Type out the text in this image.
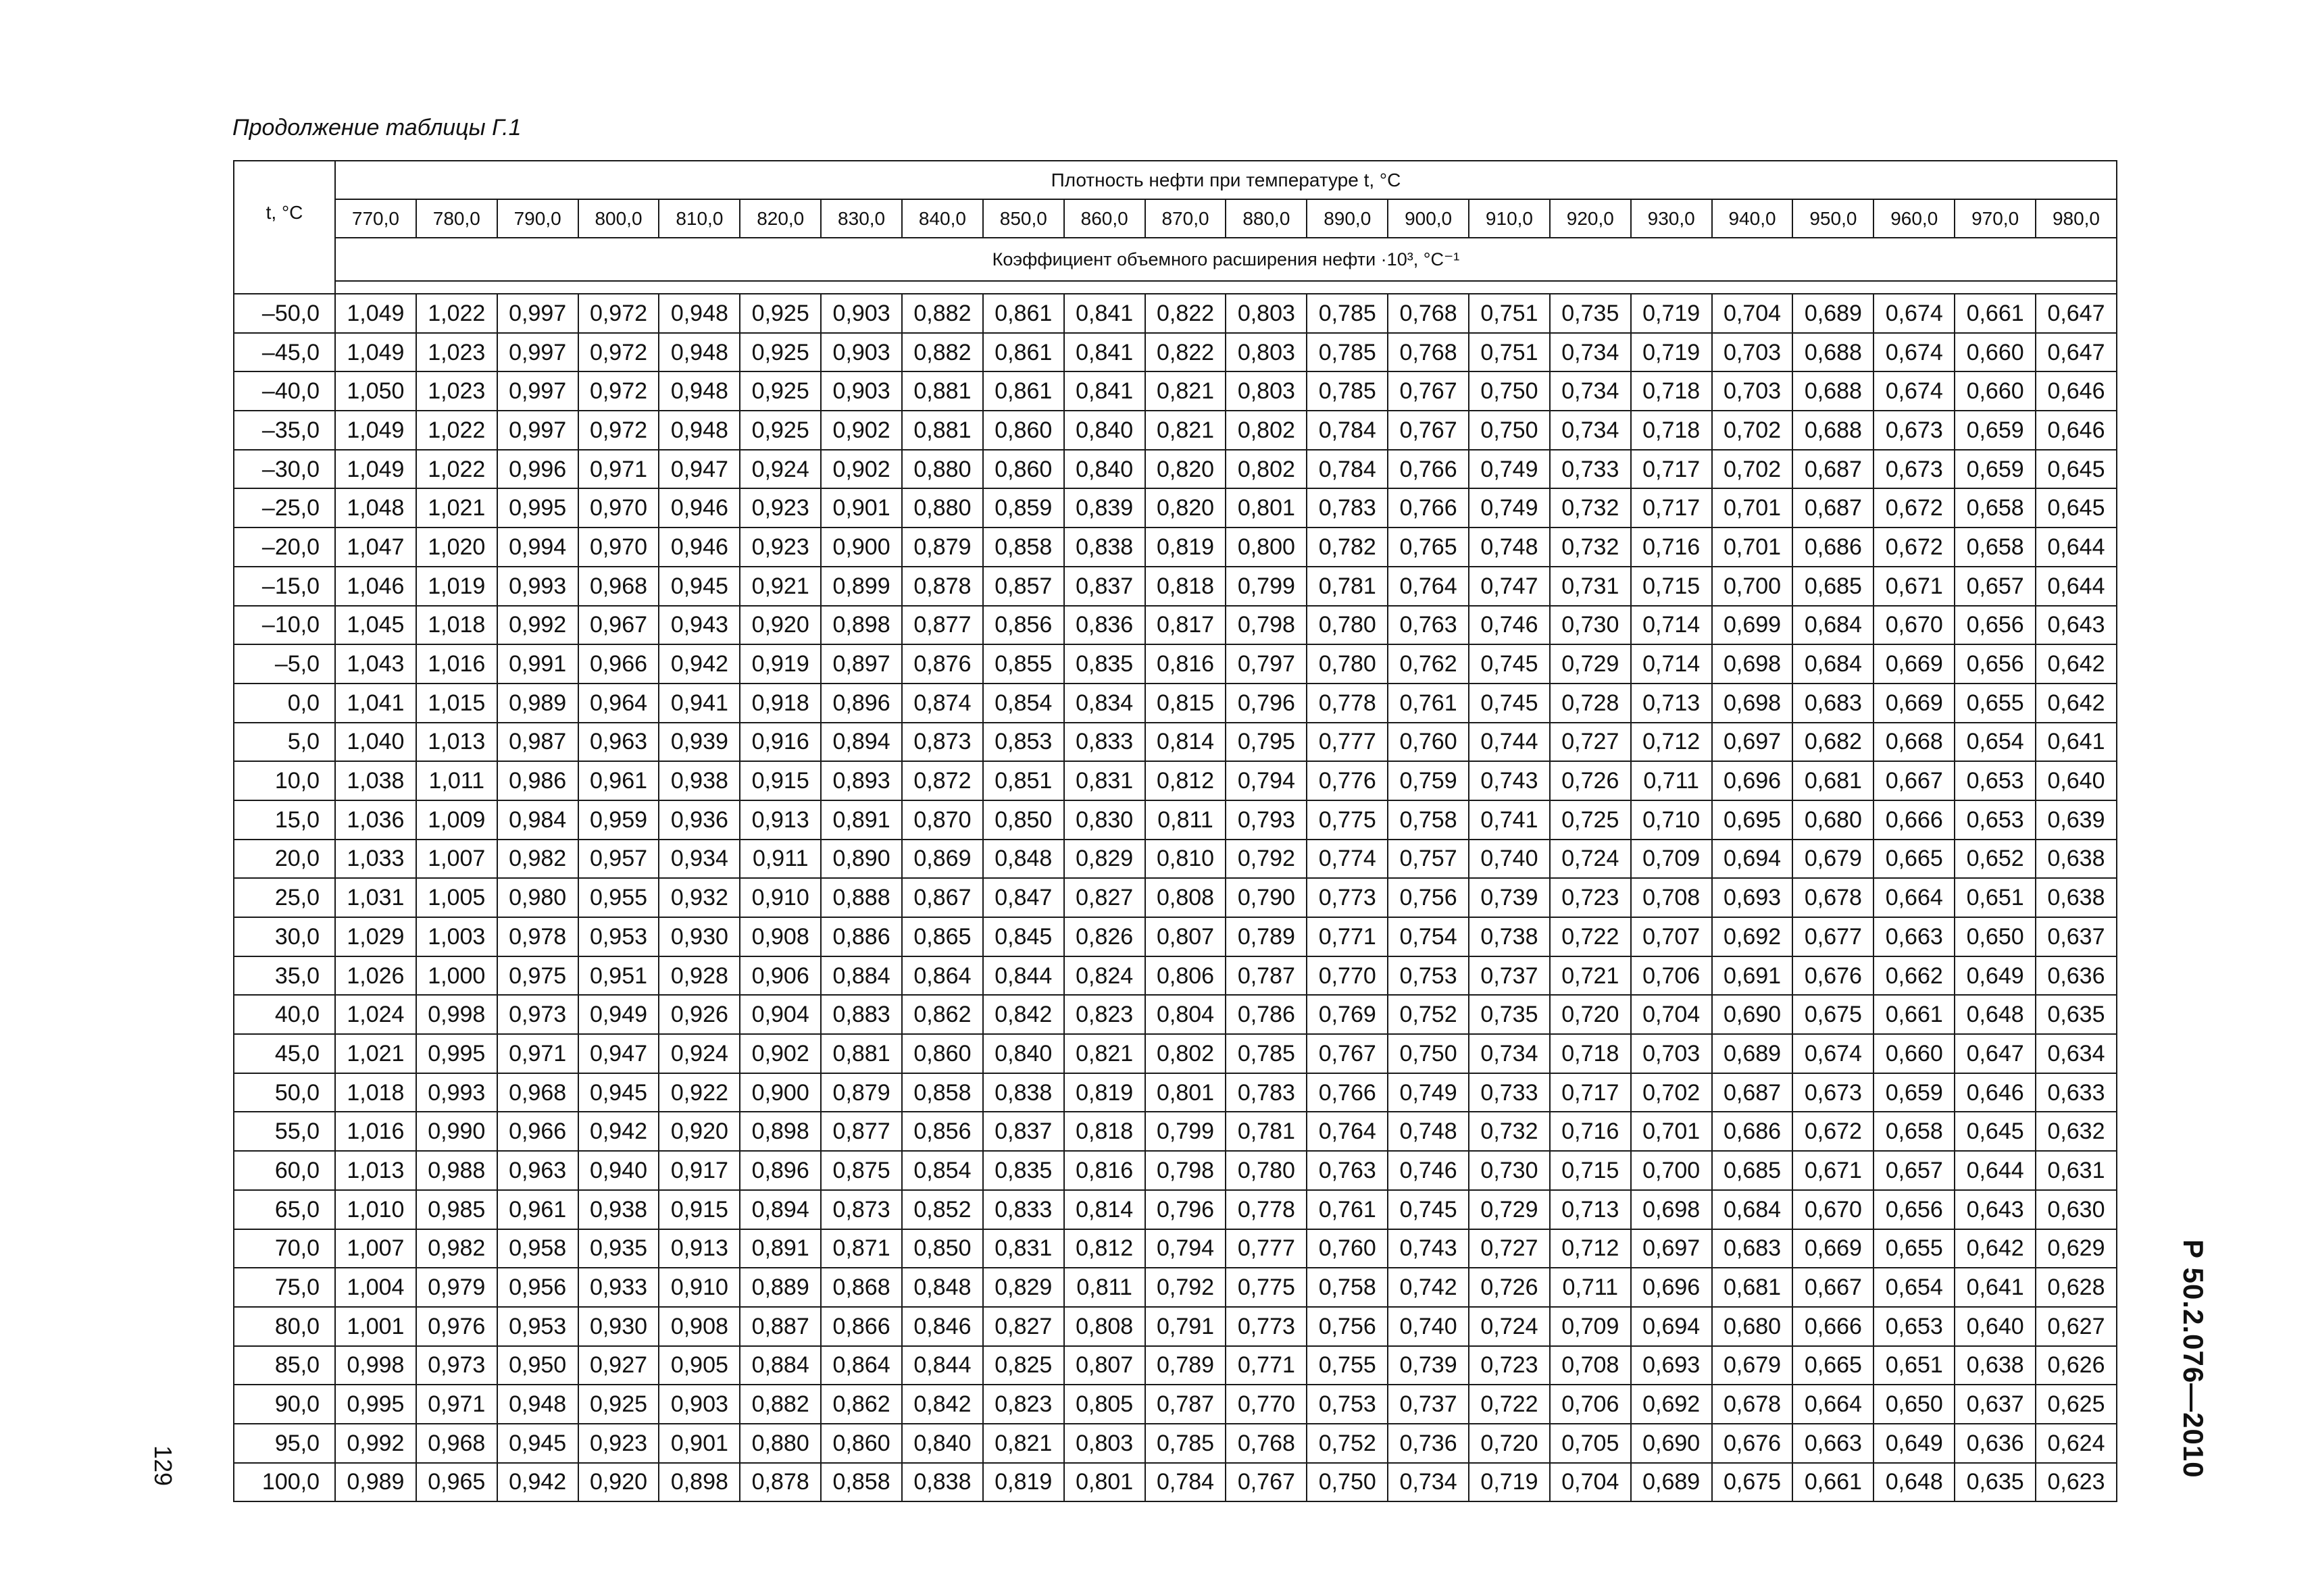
Продолжение таблицы Г.1
t, °C	Плотность нефти при температуре t, °C																					
	770,0	780,0	790,0	800,0	810,0	820,0	830,0	840,0	850,0	860,0	870,0	880,0	890,0	900,0	910,0	920,0	930,0	940,0	950,0	960,0	970,0	980,0
	Коэффициент объемного расширения нефти ·10³, °C⁻¹																					

–50,0	1,049	1,022	0,997	0,972	0,948	0,925	0,903	0,882	0,861	0,841	0,822	0,803	0,785	0,768	0,751	0,735	0,719	0,704	0,689	0,674	0,661	0,647
–45,0	1,049	1,023	0,997	0,972	0,948	0,925	0,903	0,882	0,861	0,841	0,822	0,803	0,785	0,768	0,751	0,734	0,719	0,703	0,688	0,674	0,660	0,647
–40,0	1,050	1,023	0,997	0,972	0,948	0,925	0,903	0,881	0,861	0,841	0,821	0,803	0,785	0,767	0,750	0,734	0,718	0,703	0,688	0,674	0,660	0,646
–35,0	1,049	1,022	0,997	0,972	0,948	0,925	0,902	0,881	0,860	0,840	0,821	0,802	0,784	0,767	0,750	0,734	0,718	0,702	0,688	0,673	0,659	0,646
–30,0	1,049	1,022	0,996	0,971	0,947	0,924	0,902	0,880	0,860	0,840	0,820	0,802	0,784	0,766	0,749	0,733	0,717	0,702	0,687	0,673	0,659	0,645
–25,0	1,048	1,021	0,995	0,970	0,946	0,923	0,901	0,880	0,859	0,839	0,820	0,801	0,783	0,766	0,749	0,732	0,717	0,701	0,687	0,672	0,658	0,645
–20,0	1,047	1,020	0,994	0,970	0,946	0,923	0,900	0,879	0,858	0,838	0,819	0,800	0,782	0,765	0,748	0,732	0,716	0,701	0,686	0,672	0,658	0,644
–15,0	1,046	1,019	0,993	0,968	0,945	0,921	0,899	0,878	0,857	0,837	0,818	0,799	0,781	0,764	0,747	0,731	0,715	0,700	0,685	0,671	0,657	0,644
–10,0	1,045	1,018	0,992	0,967	0,943	0,920	0,898	0,877	0,856	0,836	0,817	0,798	0,780	0,763	0,746	0,730	0,714	0,699	0,684	0,670	0,656	0,643
–5,0	1,043	1,016	0,991	0,966	0,942	0,919	0,897	0,876	0,855	0,835	0,816	0,797	0,780	0,762	0,745	0,729	0,714	0,698	0,684	0,669	0,656	0,642
0,0	1,041	1,015	0,989	0,964	0,941	0,918	0,896	0,874	0,854	0,834	0,815	0,796	0,778	0,761	0,745	0,728	0,713	0,698	0,683	0,669	0,655	0,642
5,0	1,040	1,013	0,987	0,963	0,939	0,916	0,894	0,873	0,853	0,833	0,814	0,795	0,777	0,760	0,744	0,727	0,712	0,697	0,682	0,668	0,654	0,641
10,0	1,038	1,011	0,986	0,961	0,938	0,915	0,893	0,872	0,851	0,831	0,812	0,794	0,776	0,759	0,743	0,726	0,711	0,696	0,681	0,667	0,653	0,640
15,0	1,036	1,009	0,984	0,959	0,936	0,913	0,891	0,870	0,850	0,830	0,811	0,793	0,775	0,758	0,741	0,725	0,710	0,695	0,680	0,666	0,653	0,639
20,0	1,033	1,007	0,982	0,957	0,934	0,911	0,890	0,869	0,848	0,829	0,810	0,792	0,774	0,757	0,740	0,724	0,709	0,694	0,679	0,665	0,652	0,638
25,0	1,031	1,005	0,980	0,955	0,932	0,910	0,888	0,867	0,847	0,827	0,808	0,790	0,773	0,756	0,739	0,723	0,708	0,693	0,678	0,664	0,651	0,638
30,0	1,029	1,003	0,978	0,953	0,930	0,908	0,886	0,865	0,845	0,826	0,807	0,789	0,771	0,754	0,738	0,722	0,707	0,692	0,677	0,663	0,650	0,637
35,0	1,026	1,000	0,975	0,951	0,928	0,906	0,884	0,864	0,844	0,824	0,806	0,787	0,770	0,753	0,737	0,721	0,706	0,691	0,676	0,662	0,649	0,636
40,0	1,024	0,998	0,973	0,949	0,926	0,904	0,883	0,862	0,842	0,823	0,804	0,786	0,769	0,752	0,735	0,720	0,704	0,690	0,675	0,661	0,648	0,635
45,0	1,021	0,995	0,971	0,947	0,924	0,902	0,881	0,860	0,840	0,821	0,802	0,785	0,767	0,750	0,734	0,718	0,703	0,689	0,674	0,660	0,647	0,634
50,0	1,018	0,993	0,968	0,945	0,922	0,900	0,879	0,858	0,838	0,819	0,801	0,783	0,766	0,749	0,733	0,717	0,702	0,687	0,673	0,659	0,646	0,633
55,0	1,016	0,990	0,966	0,942	0,920	0,898	0,877	0,856	0,837	0,818	0,799	0,781	0,764	0,748	0,732	0,716	0,701	0,686	0,672	0,658	0,645	0,632
60,0	1,013	0,988	0,963	0,940	0,917	0,896	0,875	0,854	0,835	0,816	0,798	0,780	0,763	0,746	0,730	0,715	0,700	0,685	0,671	0,657	0,644	0,631
65,0	1,010	0,985	0,961	0,938	0,915	0,894	0,873	0,852	0,833	0,814	0,796	0,778	0,761	0,745	0,729	0,713	0,698	0,684	0,670	0,656	0,643	0,630
70,0	1,007	0,982	0,958	0,935	0,913	0,891	0,871	0,850	0,831	0,812	0,794	0,777	0,760	0,743	0,727	0,712	0,697	0,683	0,669	0,655	0,642	0,629
75,0	1,004	0,979	0,956	0,933	0,910	0,889	0,868	0,848	0,829	0,811	0,792	0,775	0,758	0,742	0,726	0,711	0,696	0,681	0,667	0,654	0,641	0,628
80,0	1,001	0,976	0,953	0,930	0,908	0,887	0,866	0,846	0,827	0,808	0,791	0,773	0,756	0,740	0,724	0,709	0,694	0,680	0,666	0,653	0,640	0,627
85,0	0,998	0,973	0,950	0,927	0,905	0,884	0,864	0,844	0,825	0,807	0,789	0,771	0,755	0,739	0,723	0,708	0,693	0,679	0,665	0,651	0,638	0,626
90,0	0,995	0,971	0,948	0,925	0,903	0,882	0,862	0,842	0,823	0,805	0,787	0,770	0,753	0,737	0,722	0,706	0,692	0,678	0,664	0,650	0,637	0,625
95,0	0,992	0,968	0,945	0,923	0,901	0,880	0,860	0,840	0,821	0,803	0,785	0,768	0,752	0,736	0,720	0,705	0,690	0,676	0,663	0,649	0,636	0,624
100,0	0,989	0,965	0,942	0,920	0,898	0,878	0,858	0,838	0,819	0,801	0,784	0,767	0,750	0,734	0,719	0,704	0,689	0,675	0,661	0,648	0,635	0,623
129	Р 50.2.076—2010
